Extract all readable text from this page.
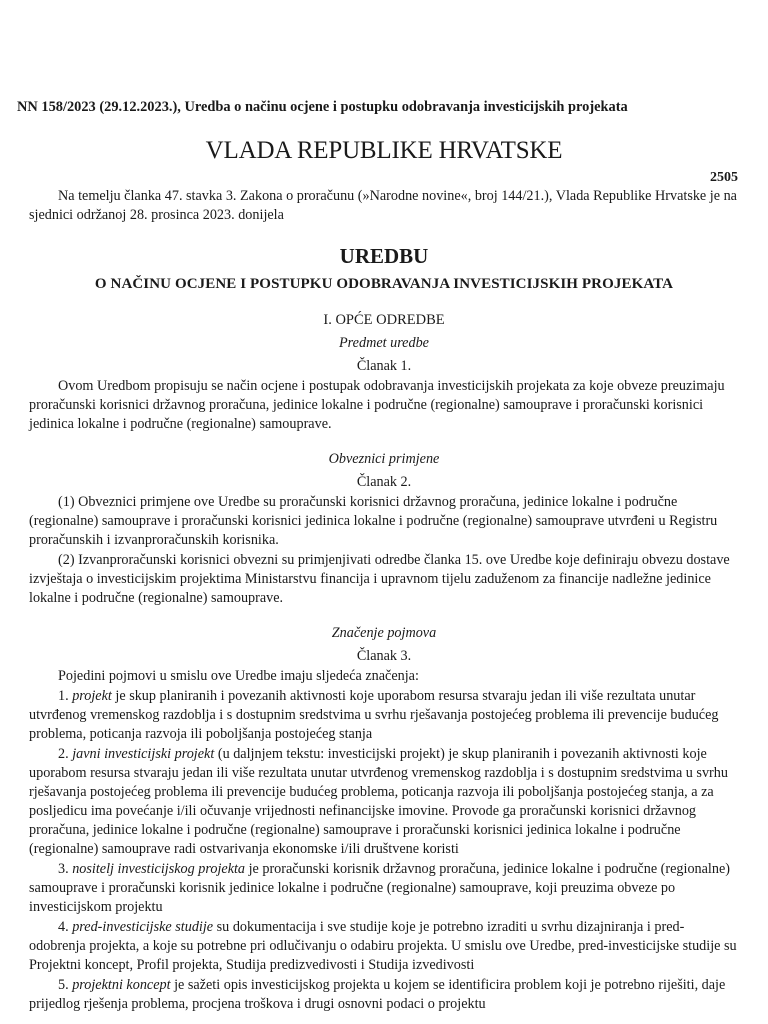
NN 158/2023 (29.12.2023.), Uredba o načinu ocjene i postupku odobravanja investicijskih projekata
VLADA REPUBLIKE HRVATSKE
2505

Na temelju članka 47. stavka 3. Zakona o proračunu (»Narodne novine«, broj 144/21.), Vlada Republike Hrvatske je na sjednici održanoj 28. prosinca 2023. donijela

UREDBU

O NAČINU OCJENE I POSTUPKU ODOBRAVANJA INVESTICIJSKIH PROJEKATA

I. OPĆE ODREDBE

Predmet uredbe

Članak 1.

Ovom Uredbom propisuju se način ocjene i postupak odobravanja investicijskih projekata za koje obveze preuzimaju proračunski korisnici državnog proračuna, jedinice lokalne i područne (regionalne) samouprave i proračunski korisnici jedinica lokalne i područne (regionalne) samouprave.

Obveznici primjene

Članak 2.

(1) Obveznici primjene ove Uredbe su proračunski korisnici državnog proračuna, jedinice lokalne i područne (regionalne) samouprave i proračunski korisnici jedinica lokalne i područne (regionalne) samouprave utvrđeni u Registru proračunskih i izvanproračunskih korisnika.

(2) Izvanproračunski korisnici obvezni su primjenjivati odredbe članka 15. ove Uredbe koje definiraju obvezu dostave izvještaja o investicijskim projektima Ministarstvu financija i upravnom tijelu zaduženom za financije nadležne jedinice lokalne i područne (regionalne) samouprave.

Značenje pojmova

Članak 3.

Pojedini pojmovi u smislu ove Uredbe imaju sljedeća značenja:

1. projekt je skup planiranih i povezanih aktivnosti koje uporabom resursa stvaraju jedan ili više rezultata unutar utvrđenog vremenskog razdoblja i s dostupnim sredstvima u svrhu rješavanja postojećeg problema ili prevencije budućeg problema, poticanja razvoja ili poboljšanja postojećeg stanja

2. javni investicijski projekt (u daljnjem tekstu: investicijski projekt) je skup planiranih i povezanih aktivnosti koje uporabom resursa stvaraju jedan ili više rezultata unutar utvrđenog vremenskog razdoblja i s dostupnim sredstvima u svrhu rješavanja postojećeg problema ili prevencije budućeg problema, poticanja razvoja ili poboljšanja postojećeg stanja, a za posljedicu ima povećanje i/ili očuvanje vrijednosti nefinancijske imovine. Provode ga proračunski korisnici državnog proračuna, jedinice lokalne i područne (regionalne) samouprave i proračunski korisnici jedinica lokalne i područne (regionalne) samouprave radi ostvarivanja ekonomske i/ili društvene koristi

3. nositelj investicijskog projekta je proračunski korisnik državnog proračuna, jedinice lokalne i područne (regionalne) samouprave i proračunski korisnik jedinice lokalne i područne (regionalne) samouprave, koji preuzima obveze po investicijskom projektu

4. pred-investicijske studije su dokumentacija i sve studije koje je potrebno izraditi u svrhu dizajniranja i pred-odobrenja projekta, a koje su potrebne pri odlučivanju o odabiru projekta. U smislu ove Uredbe, pred-investicijske studije su Projektni koncept, Profil projekta, Studija predizvedivosti i Studija izvedivosti

5. projektni koncept je sažeti opis investicijskog projekta u kojem se identificira problem koji je potrebno riješiti, daje prijedlog rješenja problema, procjena troškova i drugi osnovni podaci o projektu
